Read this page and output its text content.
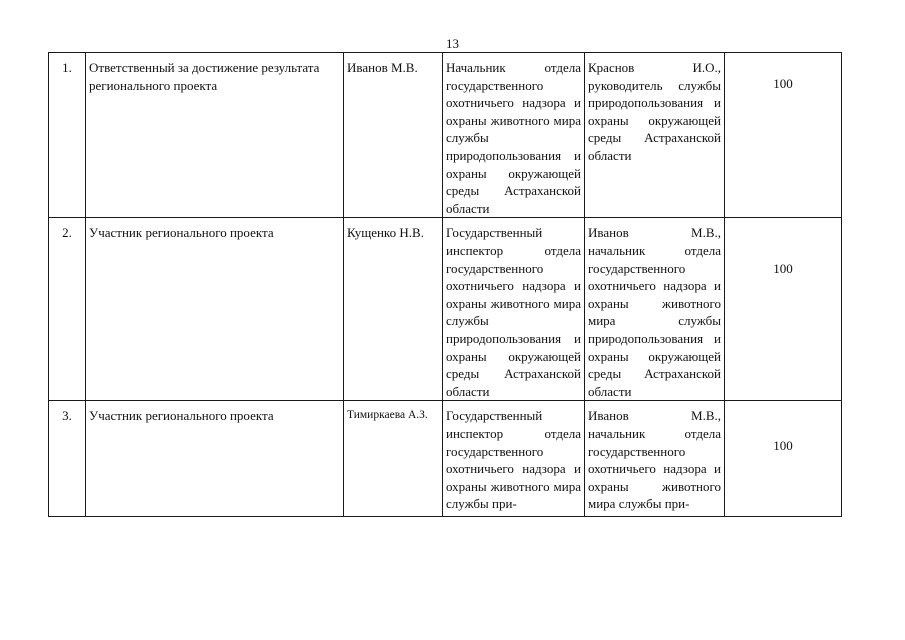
13
1.	Ответственный за достижение результата регионального проекта	Иванов М.В.	Начальник отдела государственного охотничьего надзора и охраны животного мира службы природопользования и охраны окружающей среды Астраханской области	Краснов И.О., руководитель службы природопользования и охраны окружающей среды Астраханской области	100
2.	Участник регионального проекта	Кущенко Н.В.	Государственный инспектор отдела государственного охотничьего надзора и охраны животного мира службы природопользования и охраны окружающей среды Астраханской области	Иванов М.В., начальник отдела государственного охотничьего надзора и охраны животного мира службы природопользования и охраны окружающей среды Астраханской области	100
3.	Участник регионального проекта	Тимиркаева А.З.	Государственный инспектор отдела государственного охотничьего надзора и охраны животного мира службы при-	Иванов М.В., начальник отдела государственного охотничьего надзора и охраны животного мира службы при-	100
